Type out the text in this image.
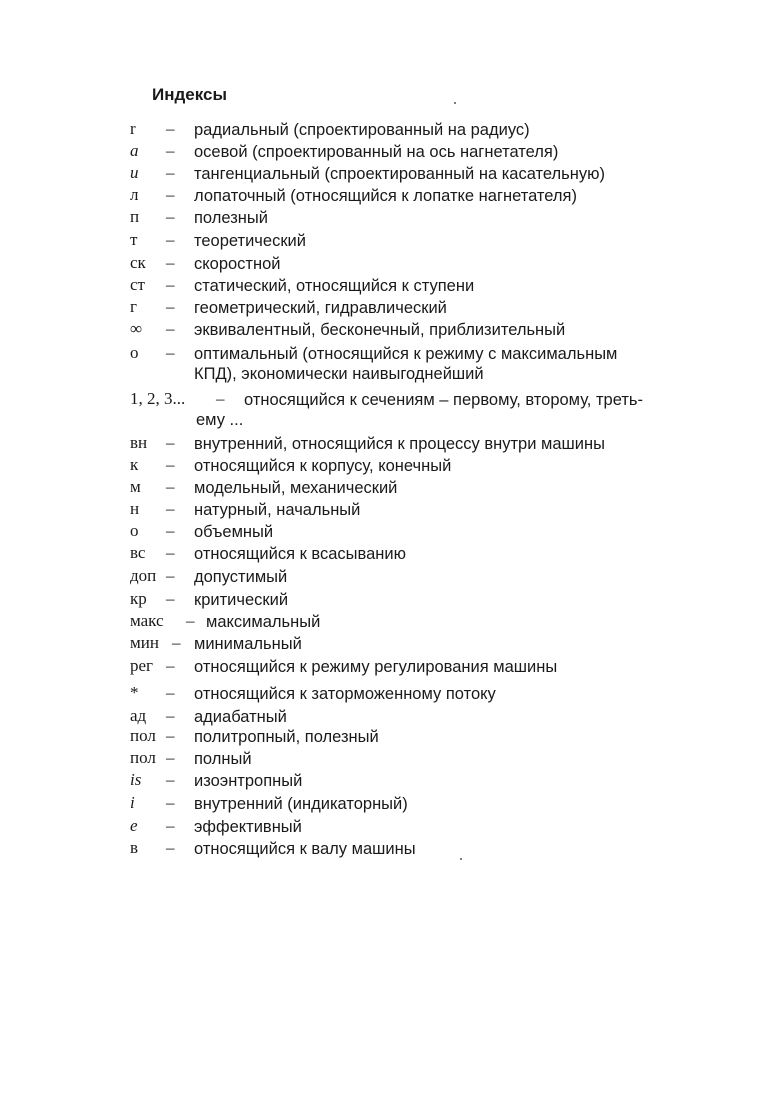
Индексы
r – радиальный (спроектированный на радиус)
a – осевой (спроектированный на ось нагнетателя)
u – тангенциальный (спроектированный на касательную)
л – лопаточный (относящийся к лопатке нагнетателя)
п – полезный
т – теоретический
ск – скоростной
ст – статический, относящийся к ступени
г – геометрический, гидравлический
∞ – эквивалентный, бесконечный, приблизительный
о – оптимальный (относящийся к режиму с максимальным
КПД), экономически наивыгоднейший
1, 2, 3... – относящийся к сечениям – первому, второму, треть-
ему ...
вн – внутренний, относящийся к процессу внутри машины
к – относящийся к корпусу, конечный
м – модельный, механический
н – натурный, начальный
о – объемный
вс – относящийся к всасыванию
доп – допустимый
кр – критический
макс – максимальный
мин – минимальный
рег – относящийся к режиму регулирования машины
* – относящийся к заторможенному потоку
ад – адиабатный
пол – политропный, полезный
пол – полный
is – изоэнтропный
i – внутренний (индикаторный)
e – эффективный
в – относящийся к валу машины
